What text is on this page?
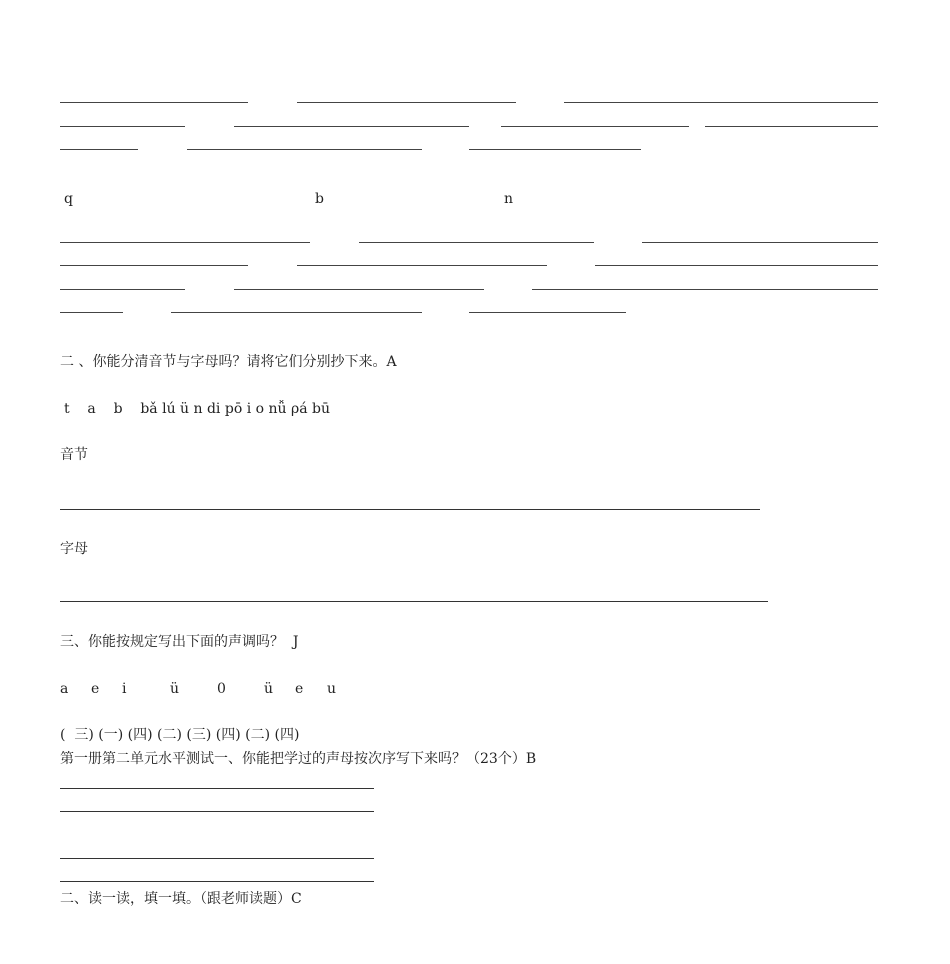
q	b	n
二 、你能分清音节与字母吗？请将它们分别抄下来。A
t    a    b    bǎ lú ü n di pō i o nǚ ρá bū
音节
字母
三、你能按规定写出下面的声调吗？  J
a e i	ü	0	ü e u
(  三) (一) (四) (二) (三) (四) (二) (四)
第一册第二单元水平测试一、你能把学过的声母按次序写下来吗？（23个）B
二、读一读，填一填。（跟老师读题）C
